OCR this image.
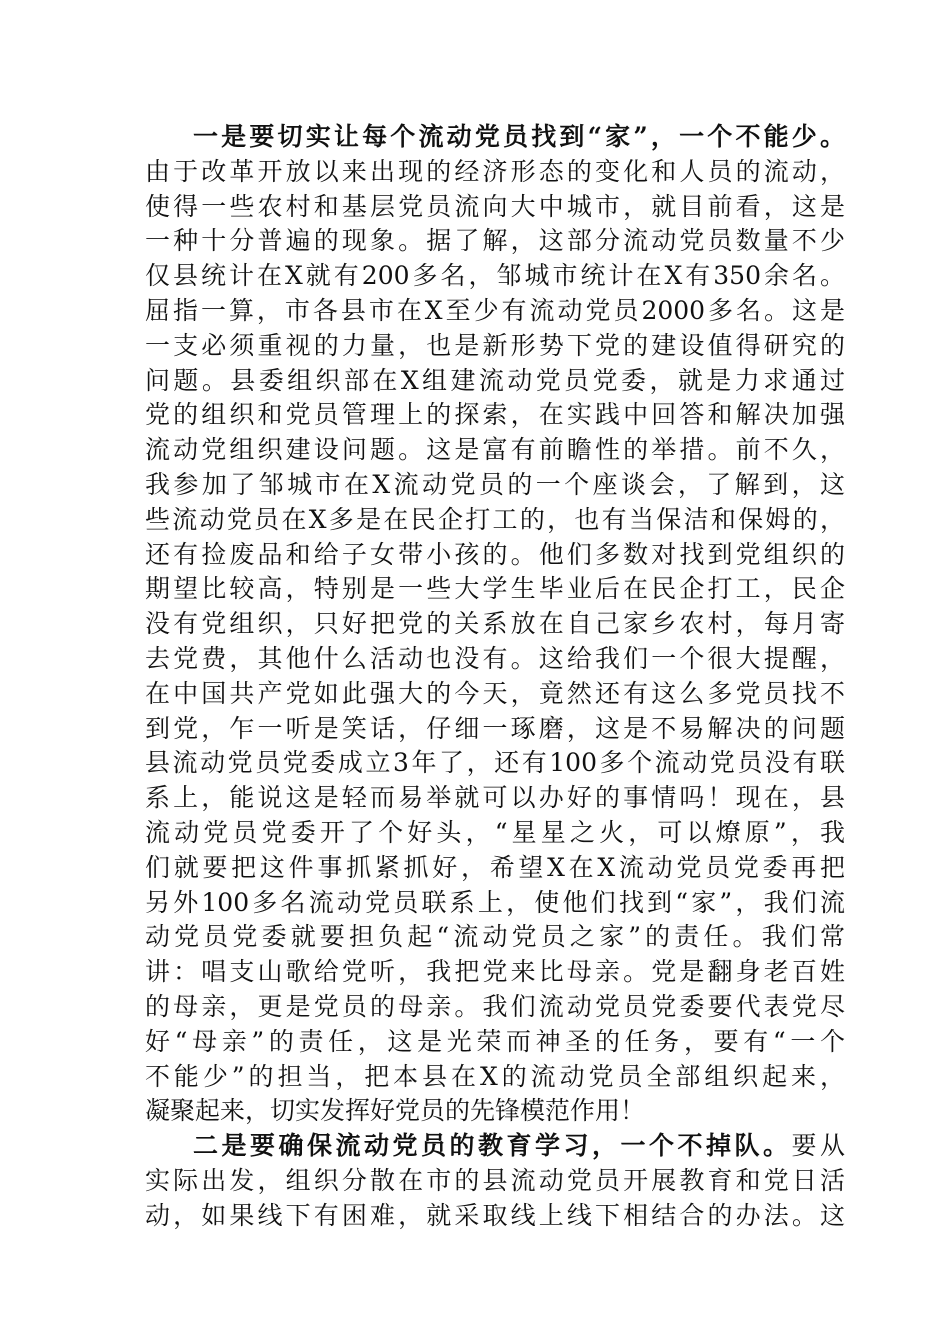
一是要切实让每个流动党员找到“家”，一个不能少。
由于改革开放以来出现的经济形态的变化和人员的流动，
使得一些农村和基层党员流向大中城市，就目前看，这是
一种十分普遍的现象。据了解，这部分流动党员数量不少
仅县统计在X就有200多名，邹城市统计在X有350余名。
屈指一算，市各县市在X至少有流动党员2000多名。这是
一支必须重视的力量，也是新形势下党的建设值得研究的
问题。县委组织部在X组建流动党员党委，就是力求通过
党的组织和党员管理上的探索，在实践中回答和解决加强
流动党组织建设问题。这是富有前瞻性的举措。前不久，
我参加了邹城市在X流动党员的一个座谈会，了解到，这
些流动党员在X多是在民企打工的，也有当保洁和保姆的，
还有捡废品和给子女带小孩的。他们多数对找到党组织的
期望比较高，特别是一些大学生毕业后在民企打工，民企
没有党组织，只好把党的关系放在自己家乡农村，每月寄
去党费，其他什么活动也没有。这给我们一个很大提醒，
在中国共产党如此强大的今天，竟然还有这么多党员找不
到党，乍一听是笑话，仔细一琢磨，这是不易解决的问题
县流动党员党委成立3年了，还有100多个流动党员没有联
系上，能说这是轻而易举就可以办好的事情吗！现在，县
流动党员党委开了个好头，“星星之火，可以燎原”，我
们就要把这件事抓紧抓好，希望X在X流动党员党委再把
另外100多名流动党员联系上，使他们找到“家”，我们流
动党员党委就要担负起“流动党员之家”的责任。我们常
讲：唱支山歌给党听，我把党来比母亲。党是翻身老百姓
的母亲，更是党员的母亲。我们流动党员党委要代表党尽
好“母亲”的责任，这是光荣而神圣的任务，要有“一个
不能少”的担当，把本县在X的流动党员全部组织起来，
凝聚起来，切实发挥好党员的先锋模范作用！
二是要确保流动党员的教育学习，一个不掉队。要从
实际出发，组织分散在市的县流动党员开展教育和党日活
动，如果线下有困难，就采取线上线下相结合的办法。这
